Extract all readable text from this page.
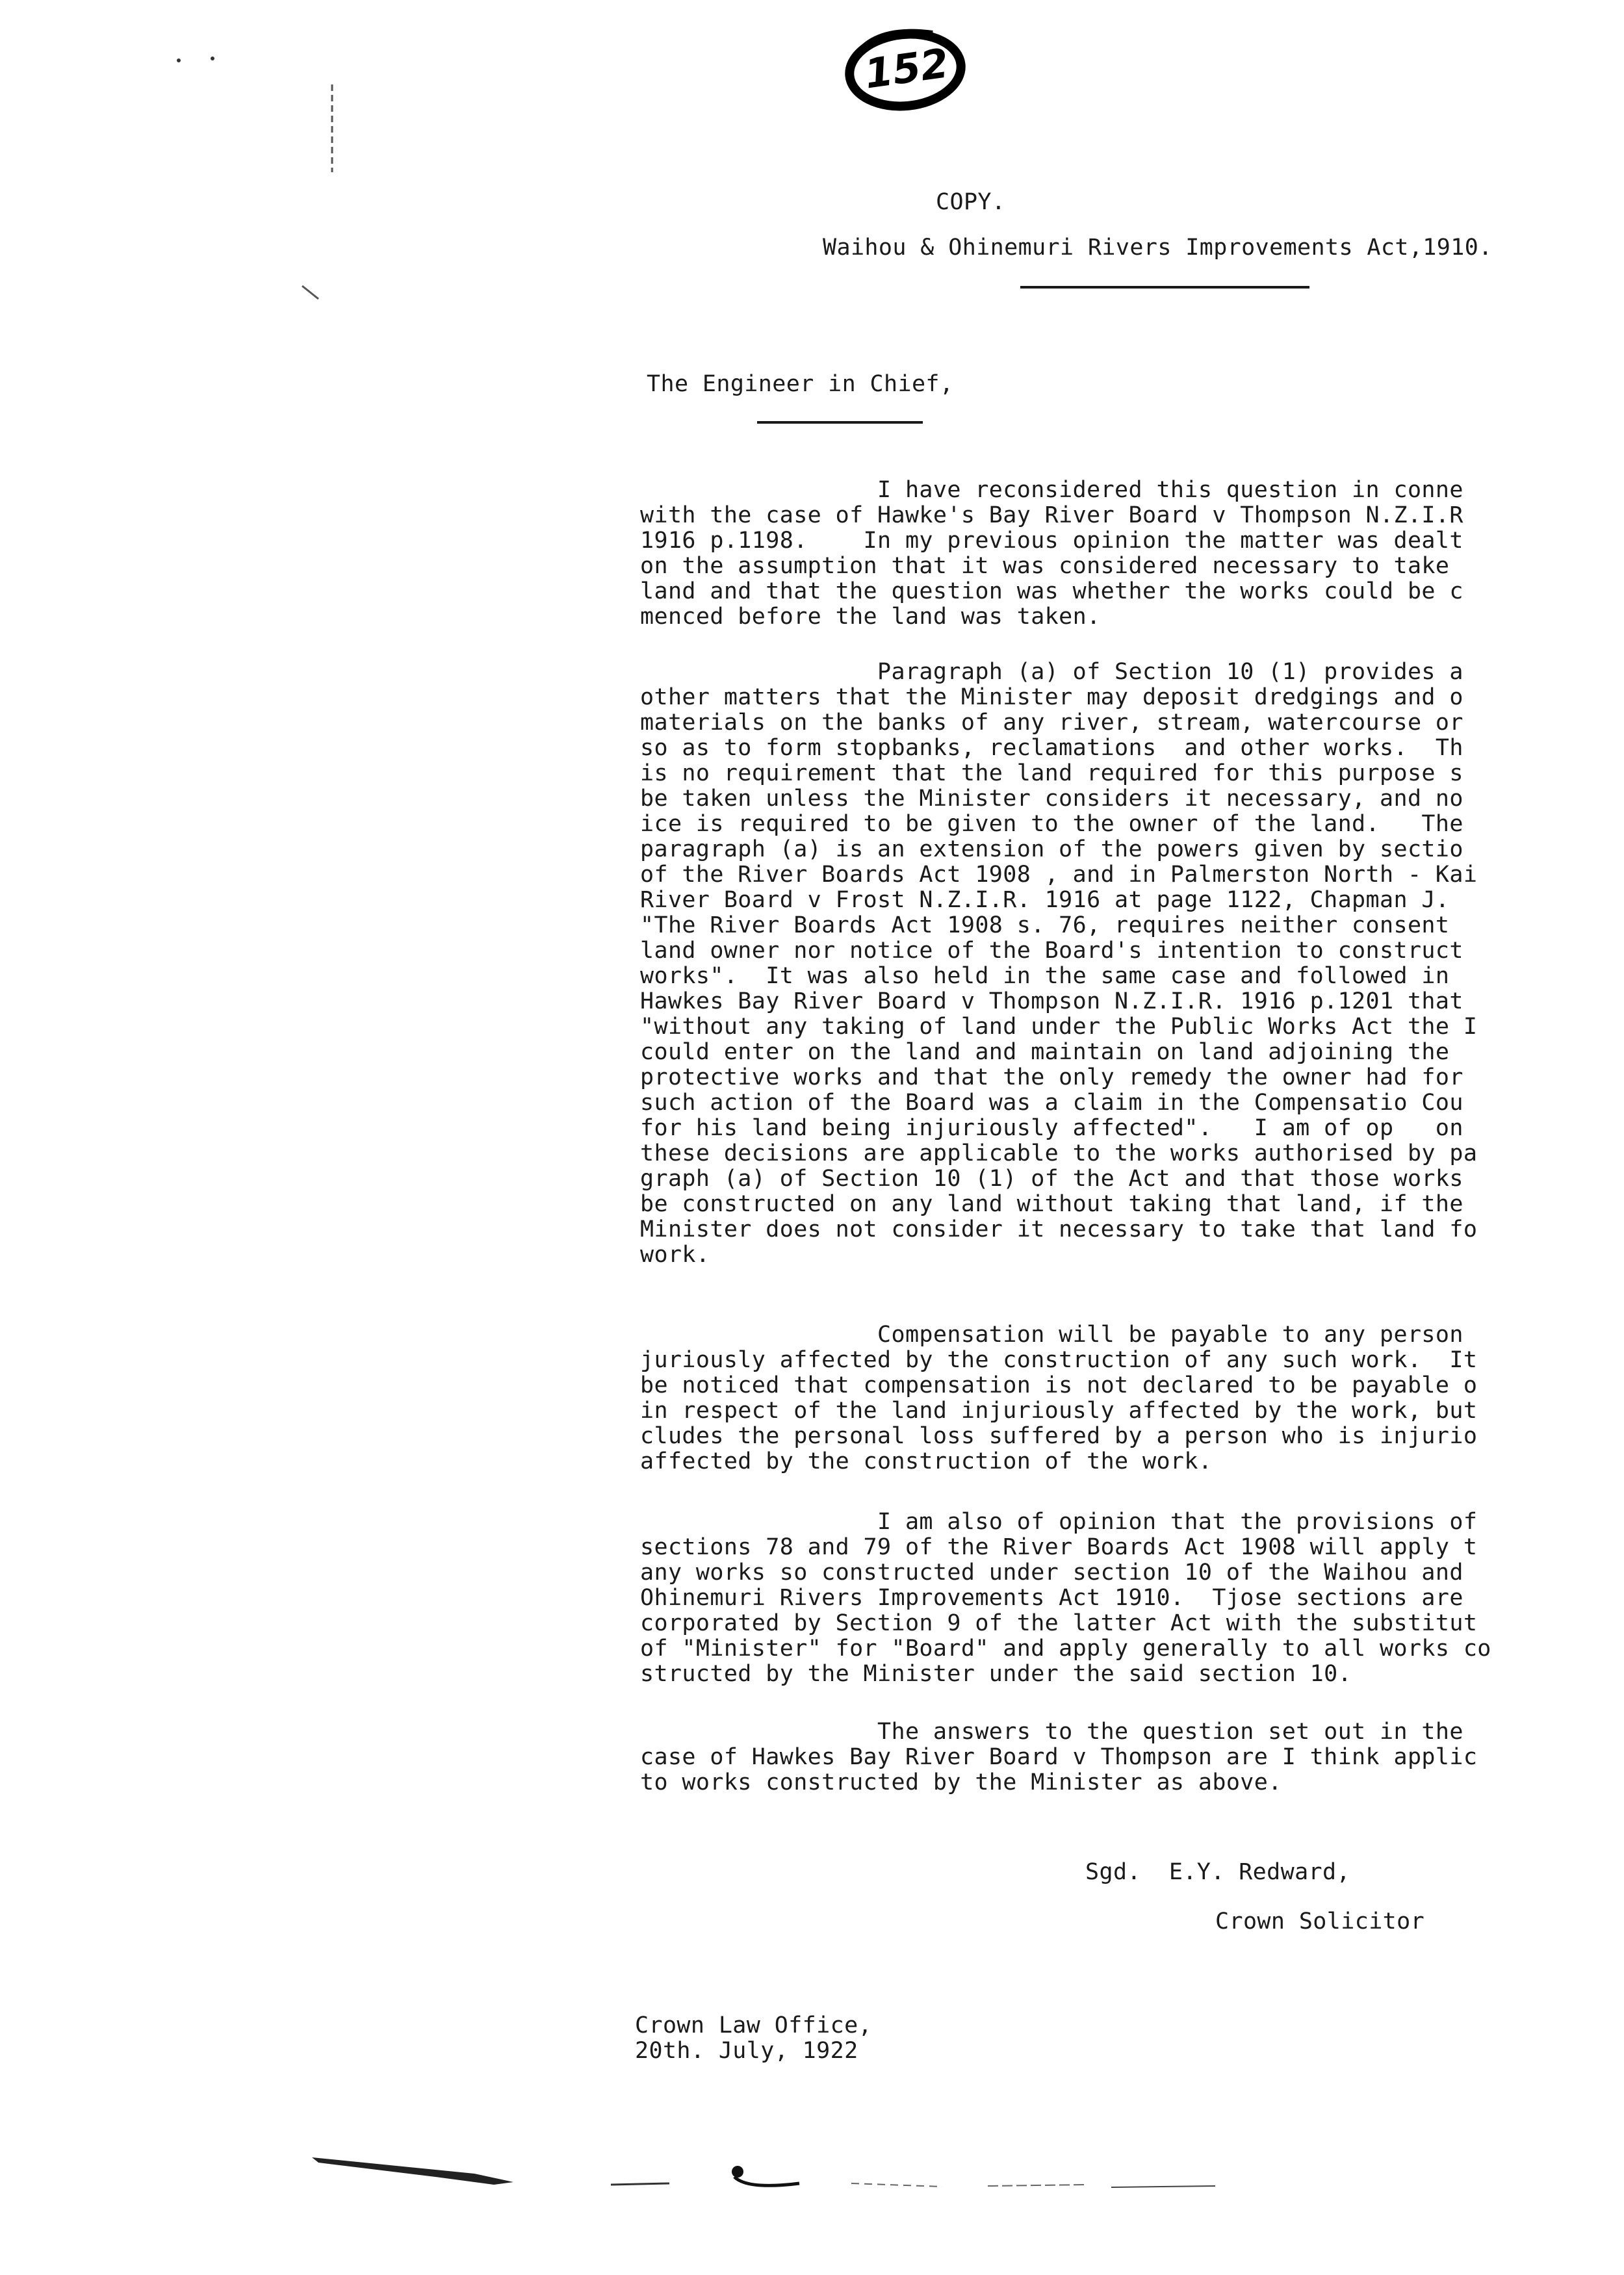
152
COPY.
Waihou & Ohinemuri Rivers Improvements Act,1910.
The Engineer in Chief,
I have reconsidered this question in conne
with the case of Hawke's Bay River Board v Thompson N.Z.I.R
1916 p.1198.    In my previous opinion the matter was dealt
on the assumption that it was considered necessary to take
land and that the question was whether the works could be c
menced before the land was taken.
Paragraph (a) of Section 10 (1) provides a
other matters that the Minister may deposit dredgings and o
materials on the banks of any river, stream, watercourse or
so as to form stopbanks, reclamations  and other works.  Th
is no requirement that the land required for this purpose s
be taken unless the Minister considers it necessary, and no
ice is required to be given to the owner of the land.   The
paragraph (a) is an extension of the powers given by sectio
of the River Boards Act 1908 , and in Palmerston North - Kai
River Board v Frost N.Z.I.R. 1916 at page 1122, Chapman J.
"The River Boards Act 1908 s. 76, requires neither consent
land owner nor notice of the Board's intention to construct
works".  It was also held in the same case and followed in
Hawkes Bay River Board v Thompson N.Z.I.R. 1916 p.1201 that
"without any taking of land under the Public Works Act the I
could enter on the land and maintain on land adjoining the
protective works and that the only remedy the owner had for
such action of the Board was a claim in the Compensatio Cou
for his land being injuriously affected".   I am of op   on
these decisions are applicable to the works authorised by pa
graph (a) of Section 10 (1) of the Act and that those works
be constructed on any land without taking that land, if the
Minister does not consider it necessary to take that land fo
work.
Compensation will be payable to any person
juriously affected by the construction of any such work.  It
be noticed that compensation is not declared to be payable o
in respect of the land injuriously affected by the work, but
cludes the personal loss suffered by a person who is injurio
affected by the construction of the work.
I am also of opinion that the provisions of
sections 78 and 79 of the River Boards Act 1908 will apply t
any works so constructed under section 10 of the Waihou and
Ohinemuri Rivers Improvements Act 1910.  Tjose sections are
corporated by Section 9 of the latter Act with the substitut
of "Minister" for "Board" and apply generally to all works co
structed by the Minister under the said section 10.
The answers to the question set out in the
case of Hawkes Bay River Board v Thompson are I think applic
to works constructed by the Minister as above.
Sgd.  E.Y. Redward,
Crown Solicitor
Crown Law Office,
20th. July, 1922
